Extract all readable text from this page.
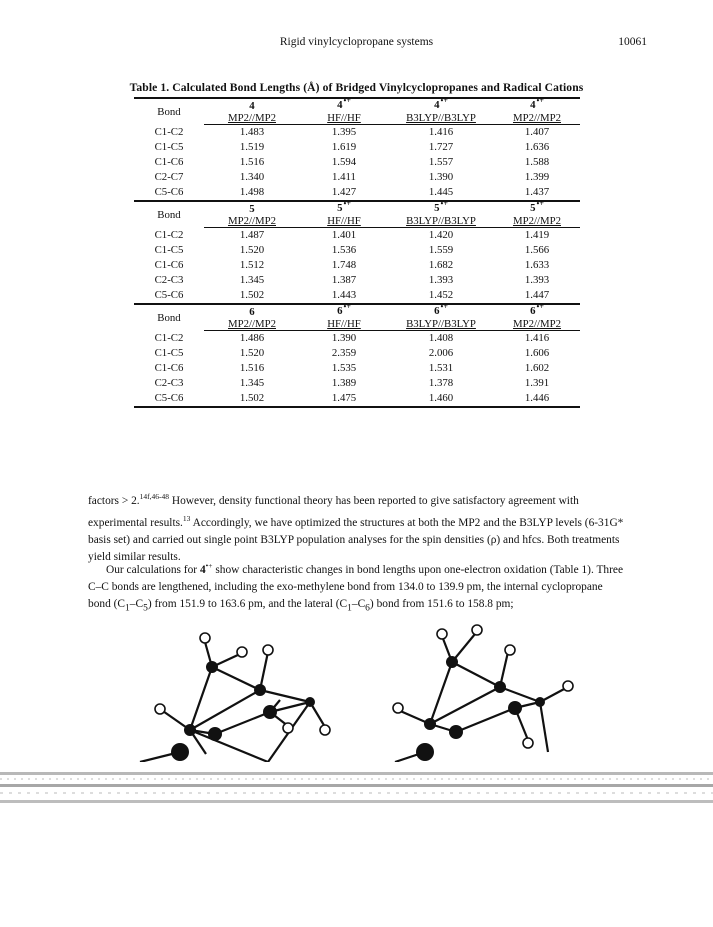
Rigid vinylcyclopropane systems	10061
Table 1. Calculated Bond Lengths (Å) of Bridged Vinylcyclopropanes and Radical Cations
Bond	4	4•+	4•+	4•+
	MP2//MP2	HF//HF	B3LYP//B3LYP	MP2//MP2
C1-C2	1.483	1.395	1.416	1.407
C1-C5	1.519	1.619	1.727	1.636
C1-C6	1.516	1.594	1.557	1.588
C2-C7	1.340	1.411	1.390	1.399
C5-C6	1.498	1.427	1.445	1.437
Bond	5	5•+	5•+	5•+
	MP2//MP2	HF//HF	B3LYP//B3LYP	MP2//MP2
C1-C2	1.487	1.401	1.420	1.419
C1-C5	1.520	1.536	1.559	1.566
C1-C6	1.512	1.748	1.682	1.633
C2-C3	1.345	1.387	1.393	1.393
C5-C6	1.502	1.443	1.452	1.447
Bond	6	6•+	6•+	6•+
	MP2//MP2	HF//HF	B3LYP//B3LYP	MP2//MP2
C1-C2	1.486	1.390	1.408	1.416
C1-C5	1.520	2.359	2.006	1.606
C1-C6	1.516	1.535	1.531	1.602
C2-C3	1.345	1.389	1.378	1.391
C5-C6	1.502	1.475	1.460	1.446

factors > 2.$^{14f,46-48}$ However, density functional theory has been reported to give satisfactory agreement with experimental results.$^{13}$ Accordingly, we have optimized the structures at both the MP2 and the B3LYP levels (6-31G* basis set) and carried out single point B3LYP population analyses for the spin densities (ρ) and hfcs. Both treatments yield similar results.

Our calculations for 4•+ show characteristic changes in bond lengths upon one-electron oxidation (Table 1). Three C–C bonds are lengthened, including the exo-methylene bond from 134.0 to 139.9 pm, the internal cyclopropane bond $(C_1-C_5)$ from 151.9 to 163.6 pm, and the lateral $(C_1-C_6)$ bond from 151.6 to 158.8 pm;
